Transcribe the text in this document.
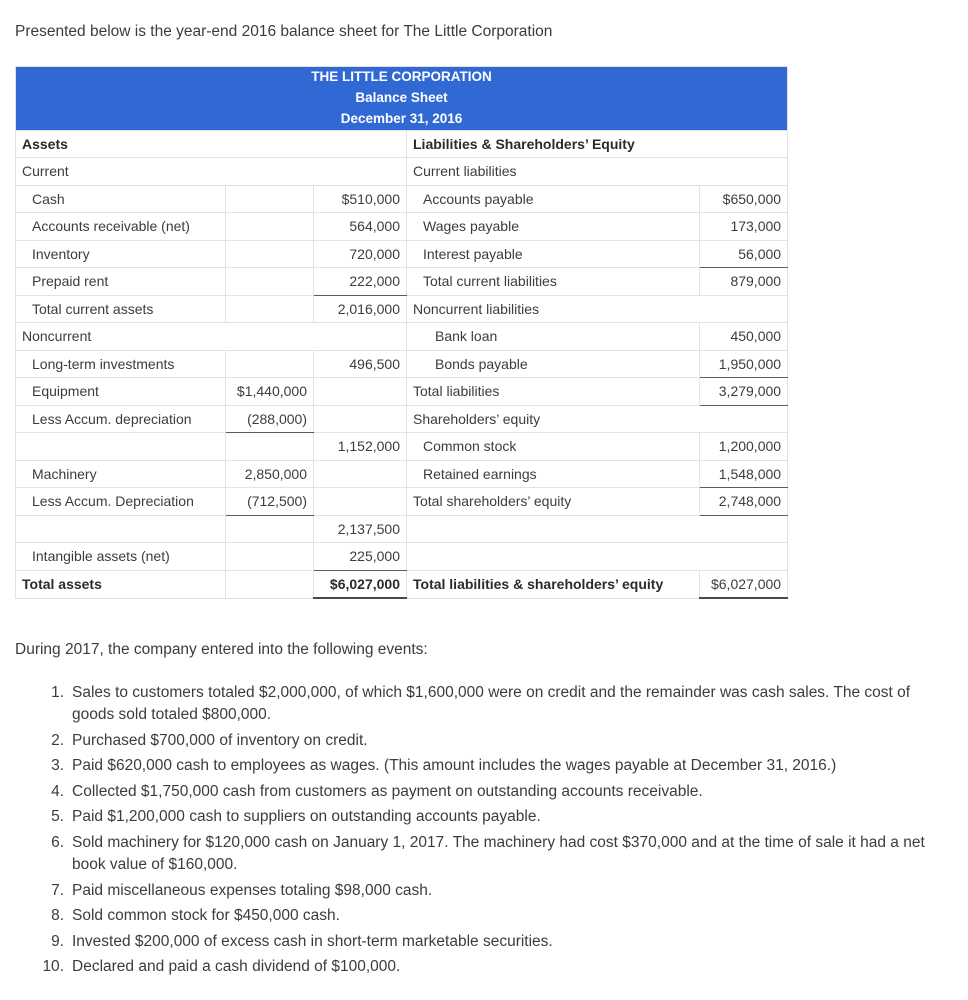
Presented below is the year-end 2016 balance sheet for The Little Corporation

THE LITTLE CORPORATION
Balance Sheet
December 31, 2016				

Assets			Liabilities & Shareholders’ Equity	
Current			Current liabilities	
Cash		$510,000	Accounts payable	$650,000
Accounts receivable (net)		564,000	Wages payable	173,000
Inventory		720,000	Interest payable	56,000
Prepaid rent		222,000	Total current liabilities	879,000
Total current assets		2,016,000	Noncurrent liabilities	
Noncurrent			Bank loan	450,000
Long-term investments		496,500	Bonds payable	1,950,000
Equipment	$1,440,000		Total liabilities	3,279,000
Less Accum. depreciation	(288,000)		Shareholders’ equity	
		1,152,000	Common stock	1,200,000
Machinery	2,850,000		Retained earnings	1,548,000
Less Accum. Depreciation	(712,500)		Total shareholders’ equity	2,748,000
		2,137,500		
Intangible assets (net)		225,000		
Total assets		$6,027,000	Total liabilities & shareholders’ equity	$6,027,000

During 2017, the company entered into the following events:

Sales to customers totaled $2,000,000, of which $1,600,000 were on credit and the remainder was cash sales. The cost of goods sold totaled $800,000.
Purchased $700,000 of inventory on credit.
Paid $620,000 cash to employees as wages. (This amount includes the wages payable at December 31, 2016.)
Collected $1,750,000 cash from customers as payment on outstanding accounts receivable.
Paid $1,200,000 cash to suppliers on outstanding accounts payable.
Sold machinery for $120,000 cash on January 1, 2017. The machinery had cost $370,000 and at the time of sale it had a net book value of $160,000.
Paid miscellaneous expenses totaling $98,000 cash.
Sold common stock for $450,000 cash.
Invested $200,000 of excess cash in short-term marketable securities.
Declared and paid a cash dividend of $100,000.
